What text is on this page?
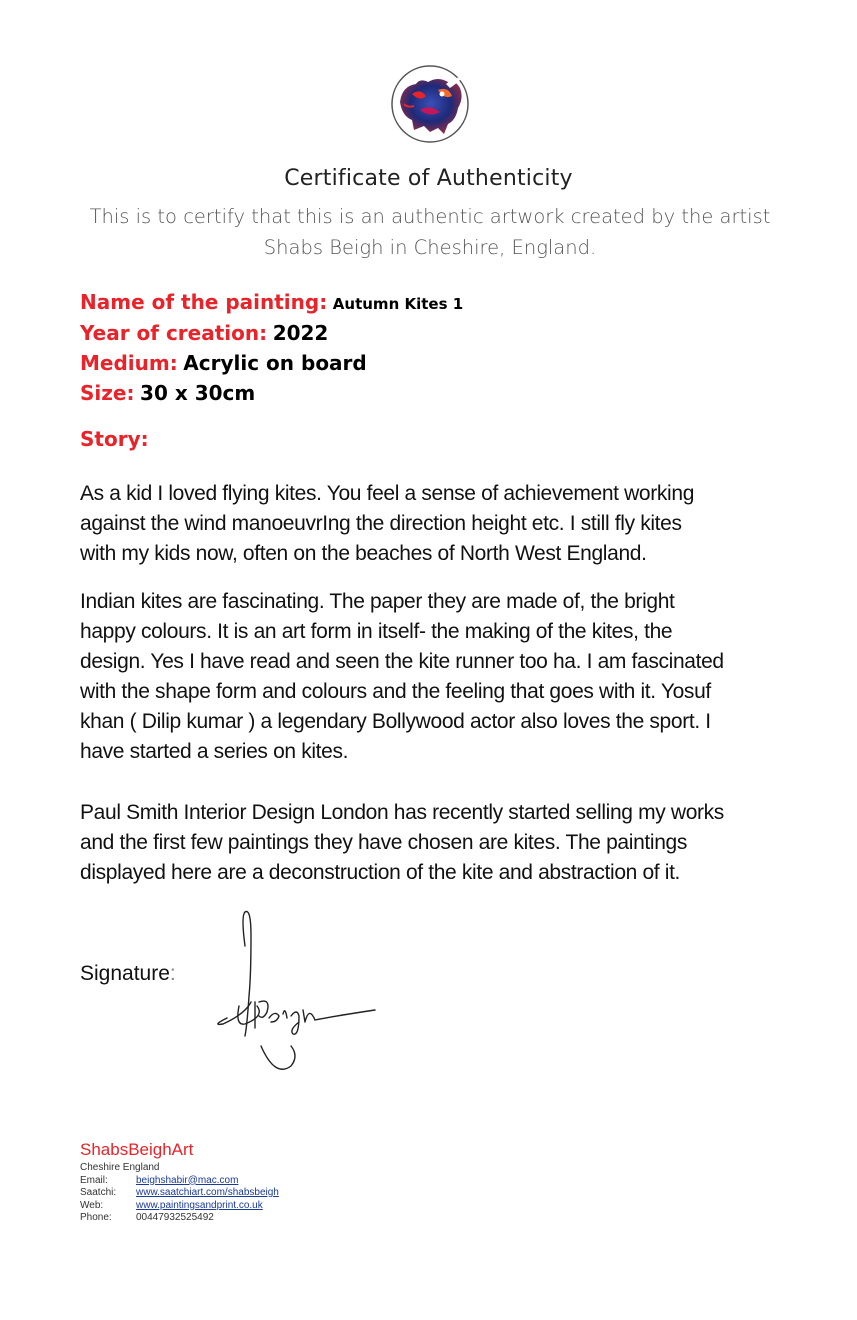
Certificate of Authenticity
This is to certify that this is an authentic artwork created by the artist
Shabs Beigh in Cheshire, England.
Name of the painting: Autumn Kites 1
Year of creation: 2022
Medium: Acrylic on board
Size: 30 x 30cm
Story:
As a kid I loved flying kites. You feel a sense of achievement working
against the wind manoeuvrIng the direction height etc. I still fly kites
with my kids now, often on the beaches of North West England.
Indian kites are fascinating. The paper they are made of, the bright
happy colours. It is an art form in itself- the making of the kites, the
design. Yes I have read and seen the kite runner too ha. I am fascinated
with the shape form and colours and the feeling that goes with it. Yosuf
khan ( Dilip kumar ) a legendary Bollywood actor also loves the sport. I
have started a series on kites.
Paul Smith Interior Design London has recently started selling my works
and the first few paintings they have chosen are kites. The paintings
displayed here are a deconstruction of the kite and abstraction of it.
Signature:
ShabsBeighArt
Cheshire England
Email:	beighshabir@mac.com
Saatchi: www.saatchiart.com/shabsbeigh
Web:	www.paintingsandprint.co.uk
Phone: 00447932525492
